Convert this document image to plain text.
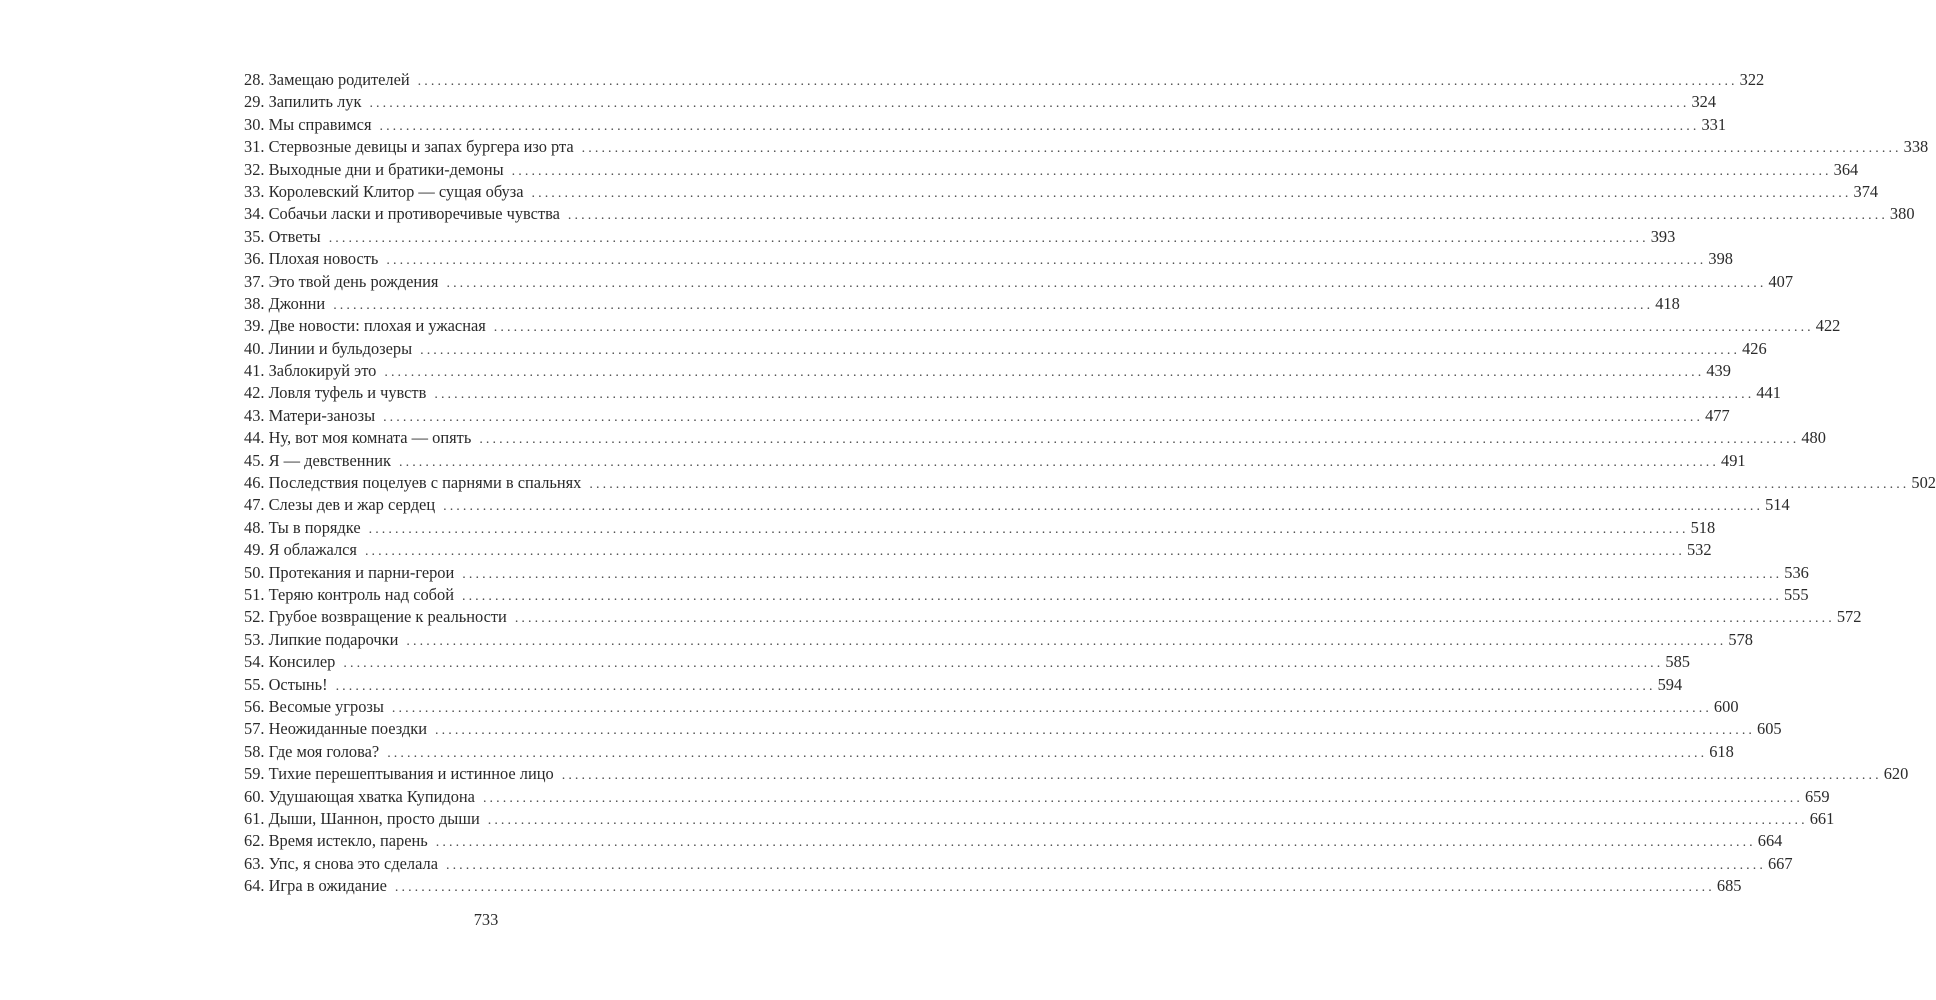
28. Замещаю родителей ........................................................................................................................................................................................................ 322
29. Запилить лук ........................................................................................................................................................................................................ 324
30. Мы справимся ........................................................................................................................................................................................................ 331
31. Стервозные девицы и запах бургера изо рта ........................................................................................................................................................................................................ 338
32. Выходные дни и братики-демоны ........................................................................................................................................................................................................ 364
33. Королевский Клитор — сущая обуза ........................................................................................................................................................................................................ 374
34. Собачьи ласки и противоречивые чувства ........................................................................................................................................................................................................ 380
35. Ответы ........................................................................................................................................................................................................ 393
36. Плохая новость ........................................................................................................................................................................................................ 398
37. Это твой день рождения ........................................................................................................................................................................................................ 407
38. Джонни ........................................................................................................................................................................................................ 418
39. Две новости: плохая и ужасная ........................................................................................................................................................................................................ 422
40. Линии и бульдозеры ........................................................................................................................................................................................................ 426
41. Заблокируй это ........................................................................................................................................................................................................ 439
42. Ловля туфель и чувств ........................................................................................................................................................................................................ 441
43. Матери-занозы ........................................................................................................................................................................................................ 477
44. Ну, вот моя комната — опять ........................................................................................................................................................................................................ 480
45. Я — девственник ........................................................................................................................................................................................................ 491
46. Последствия поцелуев с парнями в спальнях ........................................................................................................................................................................................................ 502
47. Слезы дев и жар сердец ........................................................................................................................................................................................................ 514
48. Ты в порядке ........................................................................................................................................................................................................ 518
49. Я облажался ........................................................................................................................................................................................................ 532
50. Протекания и парни-герои ........................................................................................................................................................................................................ 536
51. Теряю контроль над собой ........................................................................................................................................................................................................ 555
52. Грубое возвращение к реальности ........................................................................................................................................................................................................ 572
53. Липкие подарочки ........................................................................................................................................................................................................ 578
54. Консилер ........................................................................................................................................................................................................ 585
55. Остынь! ........................................................................................................................................................................................................ 594
56. Весомые угрозы ........................................................................................................................................................................................................ 600
57. Неожиданные поездки ........................................................................................................................................................................................................ 605
58. Где моя голова? ........................................................................................................................................................................................................ 618
59. Тихие перешептывания и истинное лицо ........................................................................................................................................................................................................ 620
60. Удушающая хватка Купидона ........................................................................................................................................................................................................ 659
61. Дыши, Шаннон, просто дыши ........................................................................................................................................................................................................ 661
62. Время истекло, парень ........................................................................................................................................................................................................ 664
63. Упс, я снова это сделала ........................................................................................................................................................................................................ 667
64. Игра в ожидание ........................................................................................................................................................................................................ 685
733
